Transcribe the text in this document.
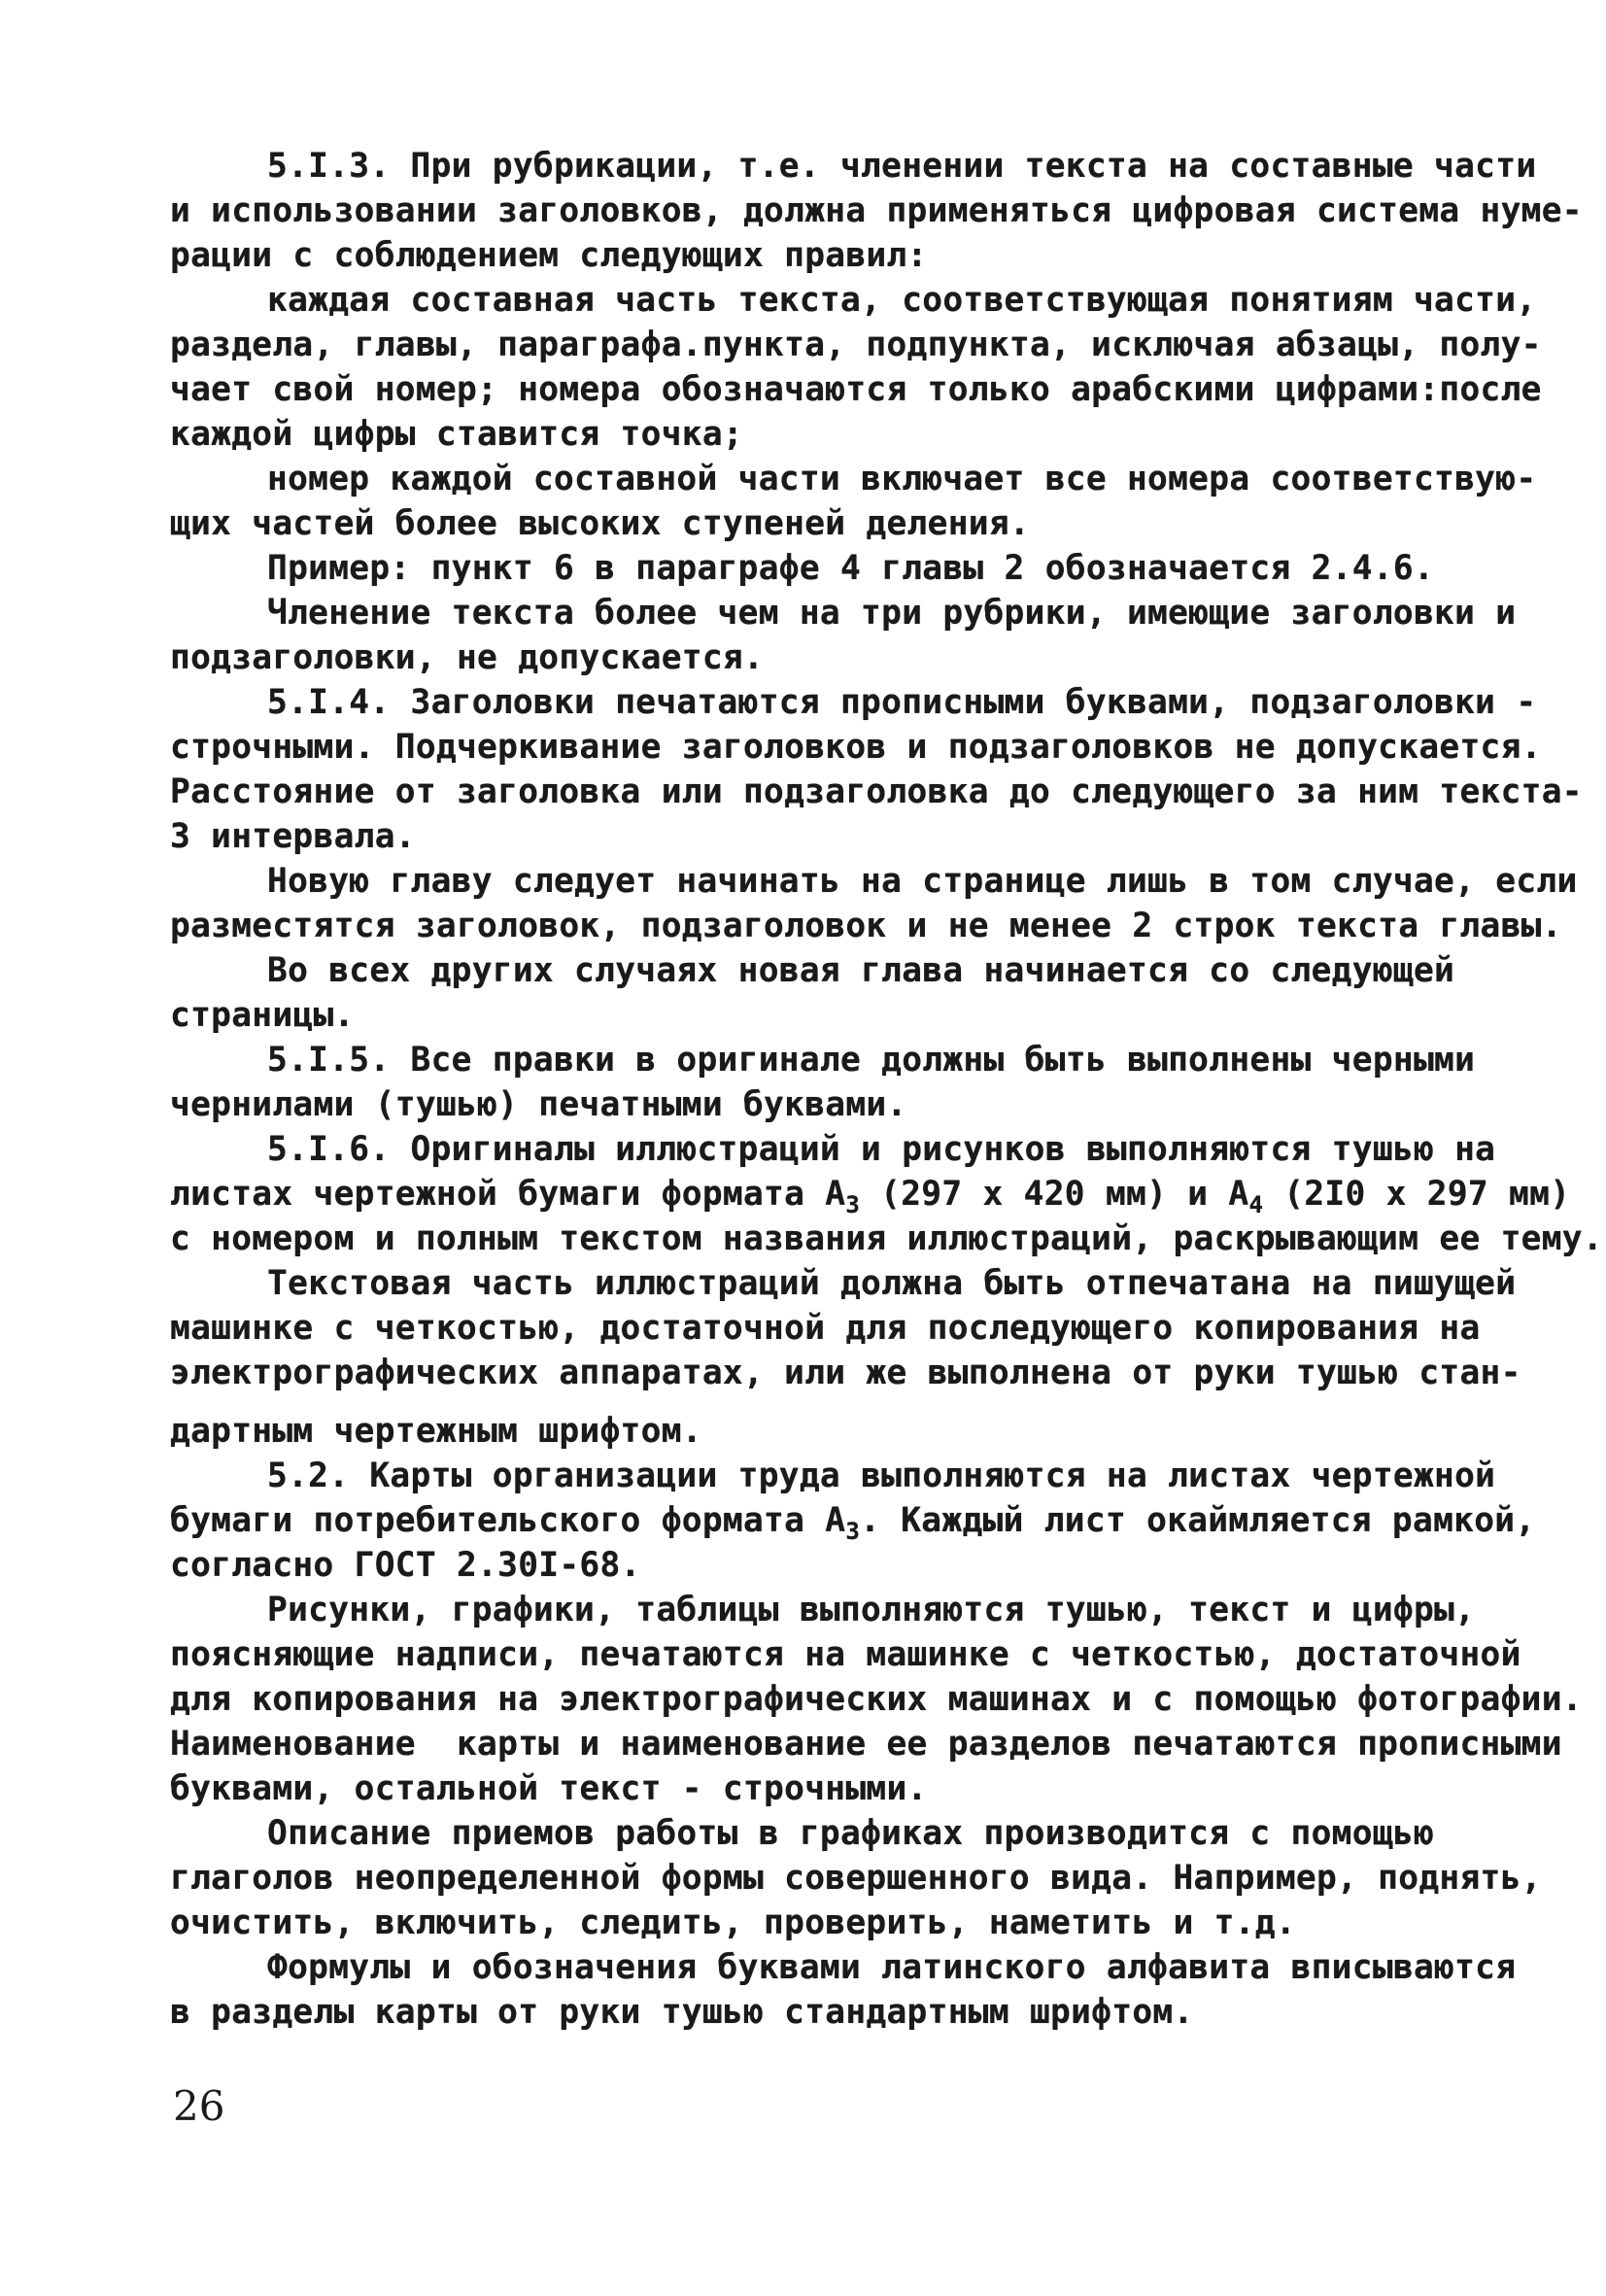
5.I.3. При рубрикации, т.е. членении текста на составные части
и использовании заголовков, должна применяться цифровая система нуме-
рации с соблюдением следующих правил:
каждая составная часть текста, соответствующая понятиям части,
раздела, главы, параграфа.пункта, подпункта, исключая абзацы, полу-
чает свой номер; номера обозначаются только арабскими цифрами:после
каждой цифры ставится точка;
номер каждой составной части включает все номера соответствую-
щих частей более высоких ступеней деления.
Пример: пункт 6 в параграфе 4 главы 2 обозначается 2.4.6.
Членение текста более чем на три рубрики, имеющие заголовки и
подзаголовки, не допускается.
5.I.4. Заголовки печатаются прописными буквами, подзаголовки -
строчными. Подчеркивание заголовков и подзаголовков не допускается.
Расстояние от заголовка или подзаголовка до следующего за ним текста-
3 интервала.
Новую главу следует начинать на странице лишь в том случае, если
разместятся заголовок, подзаголовок и не менее 2 строк текста главы.
Во всех других случаях новая глава начинается со следующей
страницы.
5.I.5. Все правки в оригинале должны быть выполнены черными
чернилами (тушью) печатными буквами.
5.I.6. Оригиналы иллюстраций и рисунков выполняются тушью на
листах чертежной бумаги формата $А_3$ (297 x 420 мм) и $А_4$ (2I0 x 297 мм)
с номером и полным текстом названия иллюстраций, раскрывающим ее тему.
Текстовая часть иллюстраций должна быть отпечатана на пишущей
машинке с четкостью, достаточной для последующего копирования на
электрографических аппаратах, или же выполнена от руки тушью стан-
дартным чертежным шрифтом.
5.2. Карты организации труда выполняются на листах чертежной
бумаги потребительского формата $А_3$. Каждый лист окаймляется рамкой,
согласно ГОСТ 2.30I-68.
Рисунки, графики, таблицы выполняются тушью, текст и цифры,
поясняющие надписи, печатаются на машинке с четкостью, достаточной
для копирования на электрографических машинах и с помощью фотографии.
Наименование  карты и наименование ее разделов печатаются прописными
буквами, остальной текст - строчными.
Описание приемов работы в графиках производится с помощью
глаголов неопределенной формы совершенного вида. Например, поднять,
очистить, включить, следить, проверить, наметить и т.д.
Формулы и обозначения буквами латинского алфавита вписываются
в разделы карты от руки тушью стандартным шрифтом.
26
